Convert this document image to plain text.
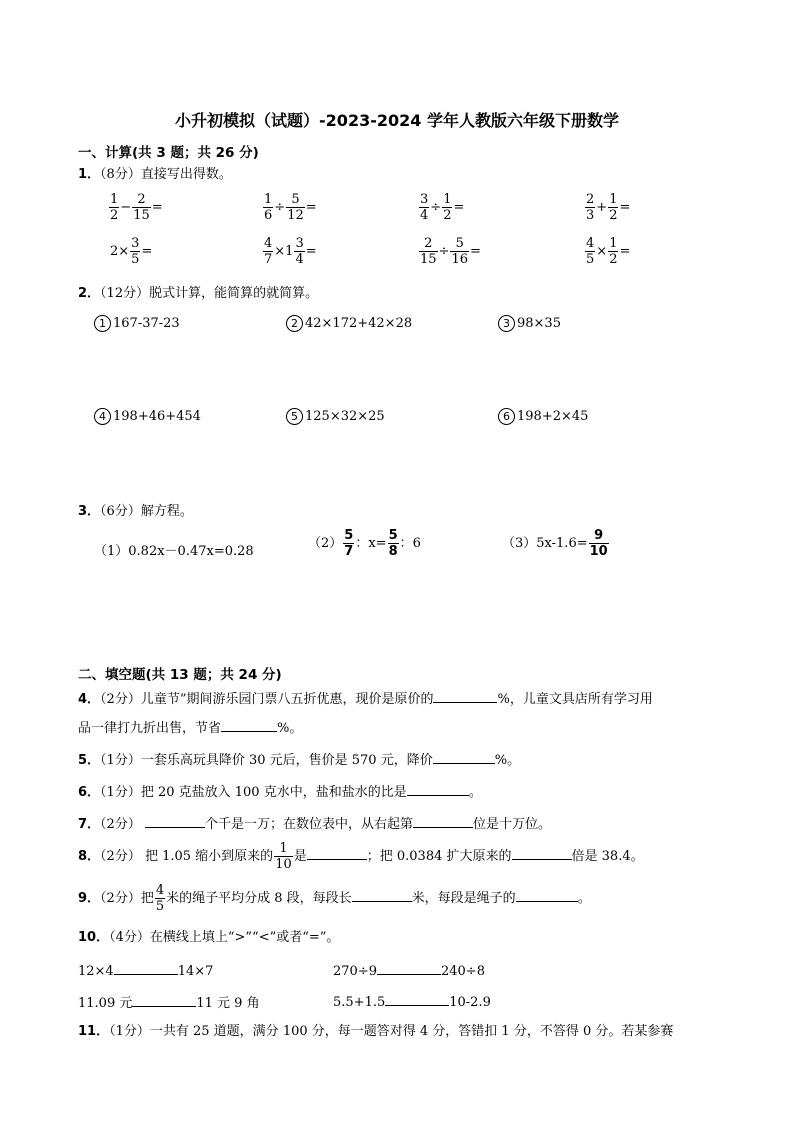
小升初模拟（试题）-2023-2024 学年人教版六年级下册数学
一、计算(共 3 题；共 26 分)
1．（8分）直接写出得数。
$\frac{1}{2} - \frac{2}{15}$ =	$\frac{1}{6} \div \frac{5}{12}$ =	$\frac{3}{4} \div \frac{1}{2}$ =	$\frac{2}{3} + \frac{1}{2}$ =
$2\times \frac{3}{5}$ =	$\frac{4}{7} \times 1 \frac{3}{4}$ =	$\frac{2}{15} \div \frac{5}{16}$ =	$\frac{4}{5} \times \frac{1}{2}$ =
2．（12分）脱式计算，能简算的就简算。
1 167-37-23	2 42×172+42×28	3 98×35
4 198+46+454	5 125×32×25	6 198+2×45
3．（6分）解方程。
（1）0.82x－0.47x=0.28
$(2) \frac{5}{7}$ ：$x= \frac{5}{8}$ ：6	$(3)5x-1.6= \frac{9}{10}$
二、填空题(共 13 题；共 24 分)
4．（2分）儿童节”期间游乐园门票八五折优惠，现价是原价的	%，儿童文具店所有学习用
品一律打九折出售，节省	%。
5．（1分）一套乐高玩具降价 30 元后，售价是 570 元，降价	%。
6．（1分）把 20 克盐放入 100 克水中，盐和盐水的比是	。
7．（2分）	个千是一万；在数位表中，从右起第	位是十万位。
8．（2分） 把 1.05 缩小到原来的 $\frac{1}{10}$ 是	；把 0.0384 扩大原来的	倍是 38.4。
9．（2分）把 $\frac{4}{5}$ 米的绳子平均分成 8 段，每段长	米，每段是绳子的	。
10．（4分）在横线上填上“>”“<”或者“=”。
12×4	14×7	270÷9	240÷8
11.09 元	11 元 9 角	5.5+1.5	10-2.9
11．（1分）一共有 25 道题，满分 100 分，每一题答对得 4 分，答错扣 1 分，不答得 0 分。若某参赛
